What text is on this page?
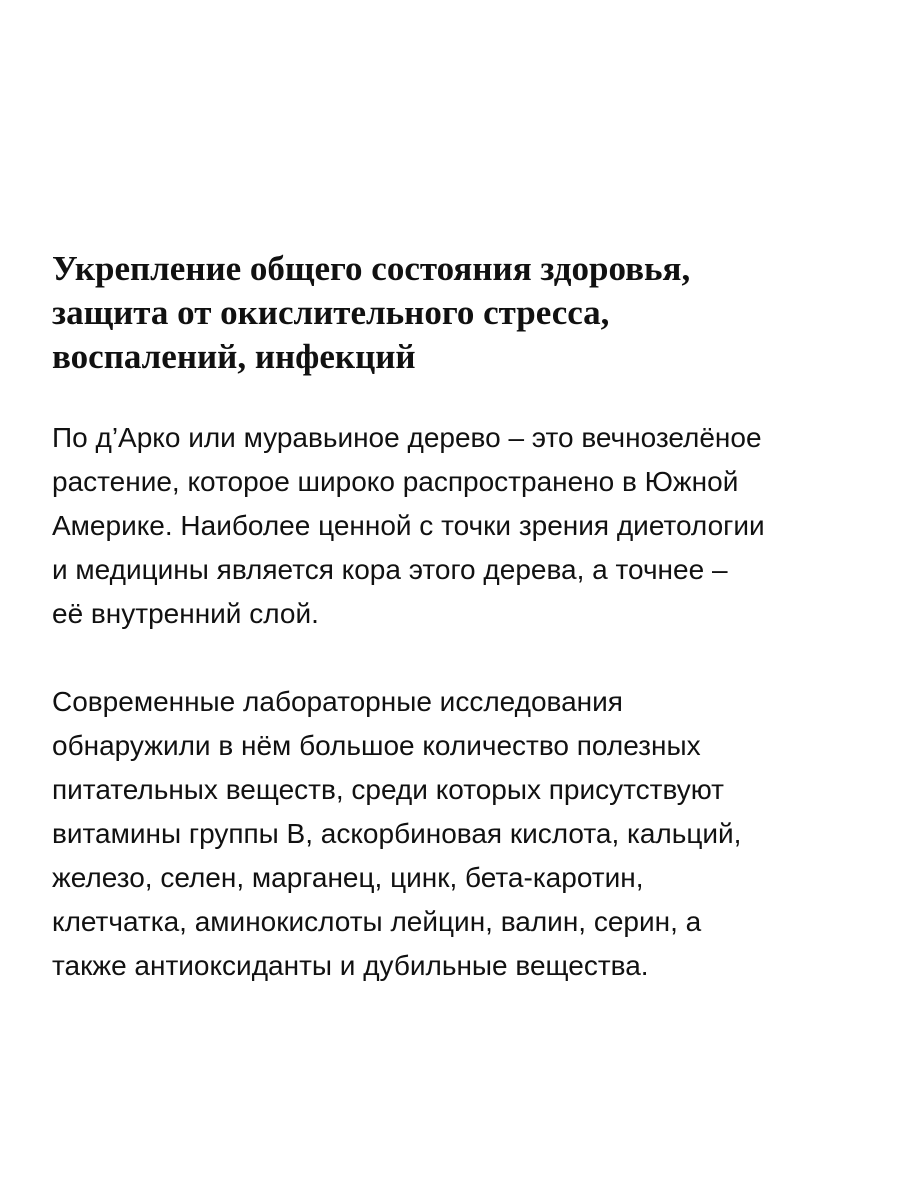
Укрепление общего состояния здоровья,
защита от окислительного стресса,
воспалений, инфекций

По д’Арко или муравьиное дерево – это вечнозелёное
растение, которое широко распространено в Южной
Америке. Наиболее ценной с точки зрения диетологии
и медицины является кора этого дерева, а точнее –
её внутренний слой.

Современные лабораторные исследования
обнаружили в нём большое количество полезных
питательных веществ, среди которых присутствуют
витамины группы В, аскорбиновая кислота, кальций,
железо, селен, марганец, цинк, бета-каротин,
клетчатка, аминокислоты лейцин, валин, серин, а
также антиоксиданты и дубильные вещества.
